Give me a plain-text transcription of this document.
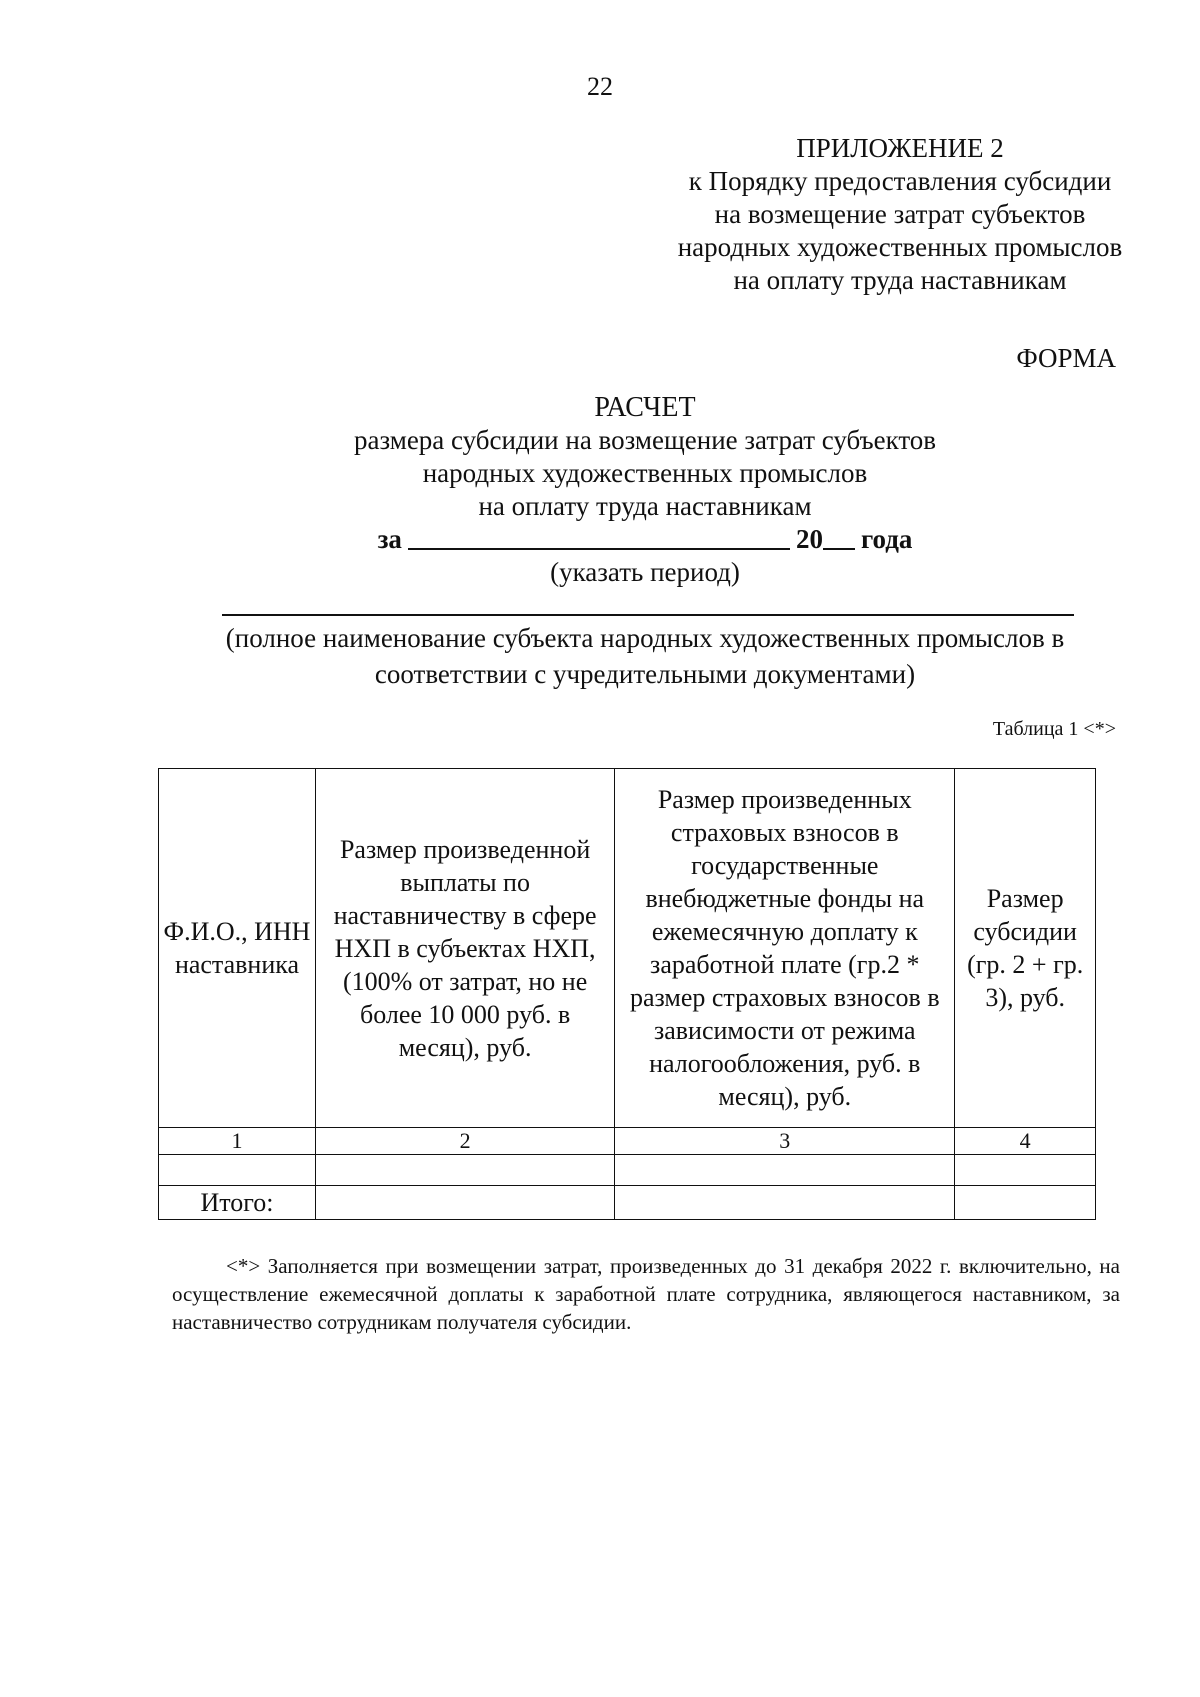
22
ПРИЛОЖЕНИЕ 2
к Порядку предоставления субсидии
на возмещение затрат субъектов
народных художественных промыслов
на оплату труда наставникам
ФОРМА
РАСЧЕТ
размера субсидии на возмещение затрат субъектов
народных художественных промыслов
на оплату труда наставникам
за	20 года
(указать период)
(полное наименование субъекта народных художественных промыслов в соответствии с учредительными документами)
Таблица 1 <*>
Ф.И.О., ИНН наставника	Размер произведенной выплаты по наставничеству в сфере НХП в субъектах НХП, (100% от затрат, но не более 10 000 руб. в месяц), руб.	Размер произведенных страховых взносов в государственные внебюджетные фонды на ежемесячную доплату к заработной плате (гр.2 * размер страховых взносов в зависимости от режима налогообложения, руб. в месяц), руб.	Размер субсидии (гр. 2 + гр. 3), руб.
1	2	3	4

Итого:			
<*> Заполняется при возмещении затрат, произведенных до 31 декабря 2022 г. включительно, на осуществление ежемесячной доплаты к заработной плате сотрудника, являющегося наставником, за наставничество сотрудникам получателя субсидии.
